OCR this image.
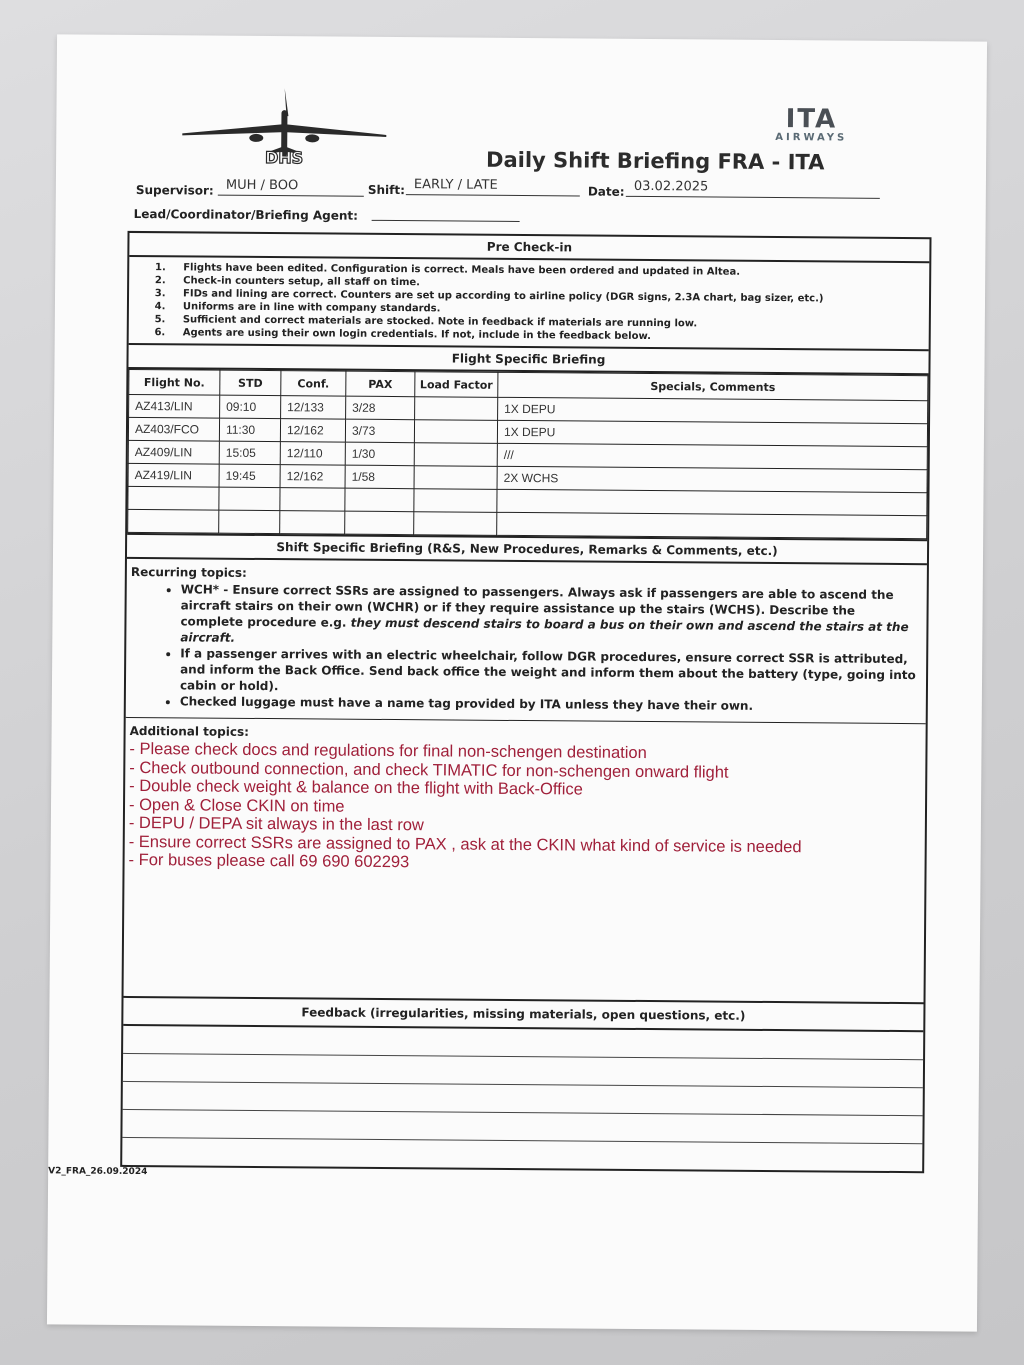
DHS
ITA
AIRWAYS
Daily Shift Briefing FRA - ITA
Supervisor: MUH / BOO	Shift: EARLY / LATE	Date: 03.02.2025
Lead/Coordinator/Briefing Agent:
Pre Check-in
1. Flights have been edited. Configuration is correct. Meals have been ordered and updated in Altea.
2. Check-in counters setup, all staff on time.
3. FIDs and lining are correct. Counters are set up according to airline policy (DGR signs, 2.3A chart, bag sizer, etc.)
4. Uniforms are in line with company standards.
5. Sufficient and correct materials are stocked. Note in feedback if materials are running low.
6. Agents are using their own login credentials. If not, include in the feedback below.
Flight Specific Briefing
Flight No.	STD	Conf.	PAX	Load Factor	Specials, Comments
AZ413/LIN	09:10	12/133	3/28		1X DEPU
AZ403/FCO	11:30	12/162	3/73		1X DEPU
AZ409/LIN	15:05	12/110	1/30		///
AZ419/LIN	19:45	12/162	1/58		2X WCHS

Shift Specific Briefing (R&S, New Procedures, Remarks & Comments, etc.)
Recurring topics:
• WCH* - Ensure correct SSRs are assigned to passengers. Always ask if passengers are able to ascend the aircraft stairs on their own (WCHR) or if they require assistance up the stairs (WCHS). Describe the complete procedure e.g. they must descend stairs to board a bus on their own and ascend the stairs at the aircraft.
• If a passenger arrives with an electric wheelchair, follow DGR procedures, ensure correct SSR is attributed, and inform the Back Office. Send back office the weight and inform them about the battery (type, going into cabin or hold).
• Checked luggage must have a name tag provided by ITA unless they have their own.
Additional topics:
- Please check docs and regulations for final non-schengen destination
- Check outbound connection, and check TIMATIC for non-schengen onward flight
- Double check weight & balance on the flight with Back-Office
- Open & Close CKIN on time
- DEPU / DEPA sit always in the last row
- Ensure correct SSRs are assigned to PAX , ask at the CKIN what kind of service is needed
- For buses please call 69 690 602293
Feedback (irregularities, missing materials, open questions, etc.)
V2_FRA_26.09.2024
